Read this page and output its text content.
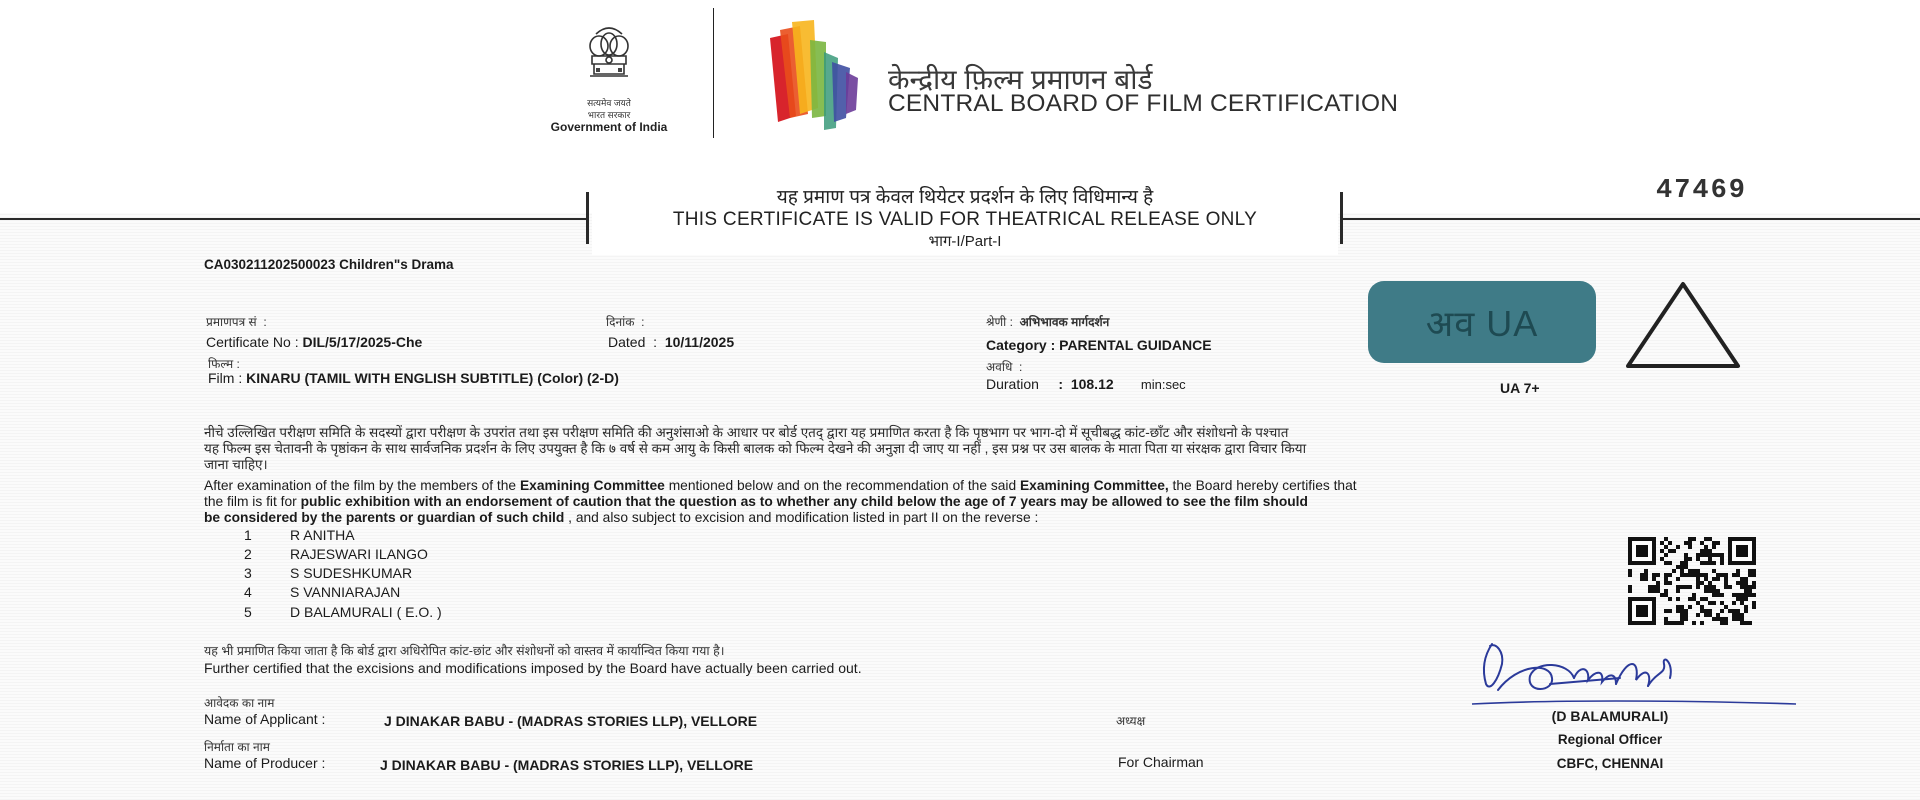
सत्यमेव जयते
भारत सरकार
Government of India
केन्द्रीय फ़िल्म प्रमाणन बोर्ड
CENTRAL BOARD OF FILM CERTIFICATION
यह प्रमाण पत्र केवल थियेटर प्रदर्शन के लिए विधिमान्य है
THIS CERTIFICATE IS VALID FOR THEATRICAL RELEASE ONLY
भाग-I/Part-I
47469
CA030211202500023 Children"s Drama
प्रमाणपत्र सं  :
Certificate No : DIL/5/17/2025-Che
दिनांक  :
Dated  :  10/11/2025
श्रेणी :  अभिभावक मार्गदर्शन
Category : PARENTAL GUIDANCE
फिल्म :
Film : KINARU (TAMIL WITH ENGLISH SUBTITLE) (Color) (2-D)
अवधि  :
Duration : 108.12 min:sec
अव UA
UA 7+
नीचे उल्लिखित परीक्षण समिति के सदस्यों द्वारा परीक्षण के उपरांत तथा इस परीक्षण समिति की अनुशंसाओ के आधार पर बोर्ड एतद् द्वारा यह प्रमाणित करता है कि पृष्ठभाग पर भाग-दो में सूचीबद्ध कांट-छाँट और संशोधनो के पश्चात
यह फिल्म इस चेतावनी के पृष्ठांकन के साथ सार्वजनिक प्रदर्शन के लिए उपयुक्त है कि ७ वर्ष से कम आयु के किसी बालक को फिल्म देखने की अनुज्ञा दी जाए या नहीं , इस प्रश्न पर उस बालक के माता पिता या संरक्षक द्वारा विचार किया
जाना चाहिए।
After examination of the film by the members of the Examining Committee mentioned below and on the recommendation of the said Examining Committee, the Board hereby certifies that
the film is fit for public exhibition with an endorsement of caution that the question as to whether any child below the age of 7 years may be allowed to see the film should
be considered by the parents or guardian of such child , and also subject to excision and modification listed in part II on the reverse :
1	R ANITHA
2	RAJESWARI ILANGO
3	S SUDESHKUMAR
4	S VANNIARAJAN
5	D BALAMURALI ( E.O. )
यह भी प्रमाणित किया जाता है कि बोर्ड द्वारा अधिरोपित कांट-छांट और संशोधनों को वास्तव में कार्यान्वित किया गया है।
Further certified that the excisions and modifications imposed by the Board have actually been carried out.
आवेदक का नाम
Name of Applicant :	J DINAKAR BABU - (MADRAS STORIES LLP), VELLORE
निर्माता का नाम
Name of Producer :	J DINAKAR BABU - (MADRAS STORIES LLP), VELLORE
अध्यक्ष
For Chairman
(D BALAMURALI)
Regional Officer
CBFC, CHENNAI
